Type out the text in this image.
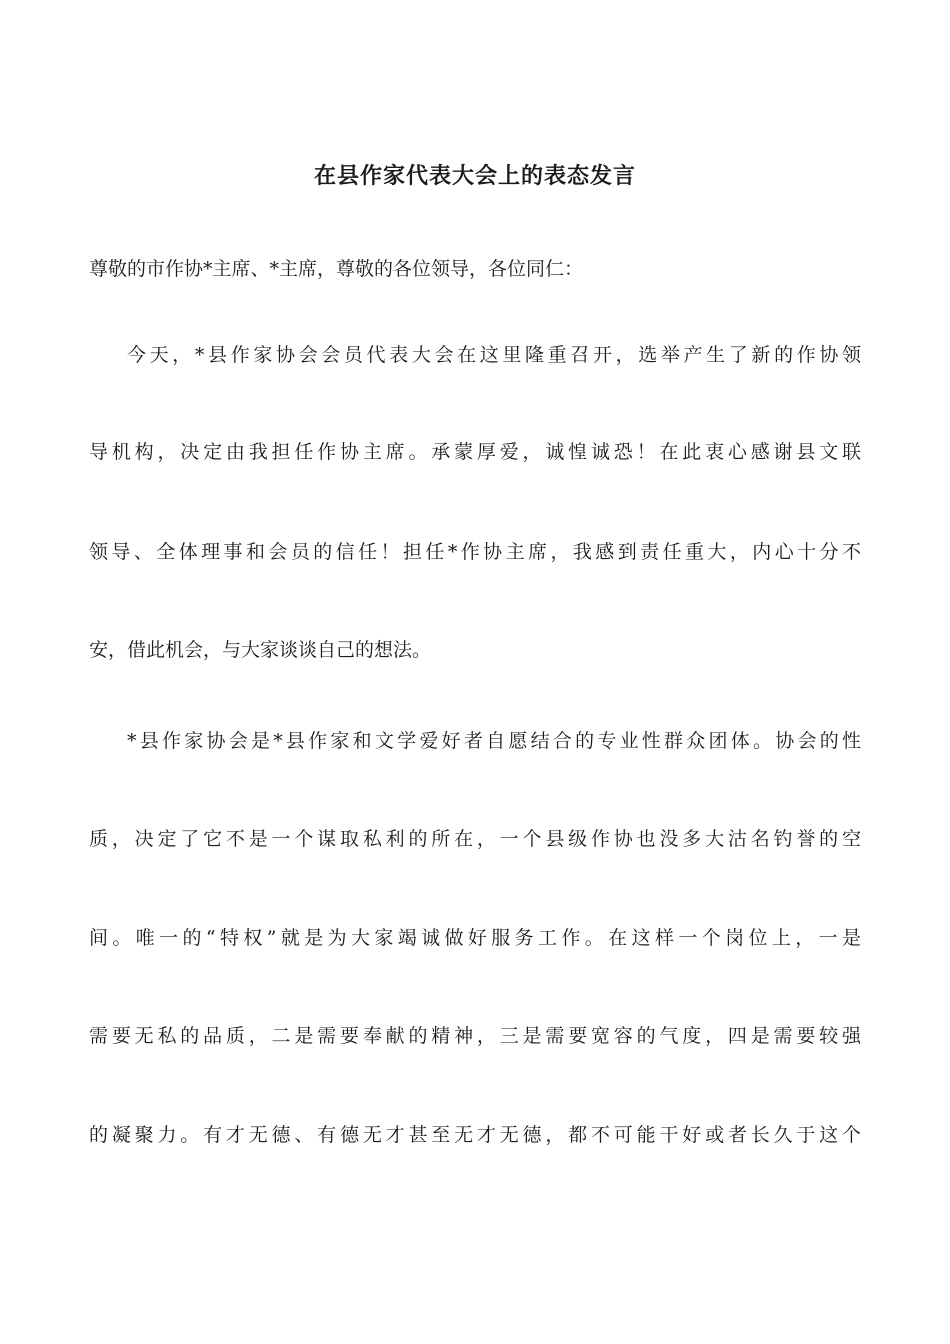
在县作家代表大会上的表态发言

尊敬的市作协*主席、*主席，尊敬的各位领导，各位同仁：

今天，*县作家协会会员代表大会在这里隆重召开，选举产生了新的作协领

导机构，决定由我担任作协主席。承蒙厚爱，诚惶诚恐！在此衷心感谢县文联

领导、全体理事和会员的信任！担任*作协主席，我感到责任重大，内心十分不

安，借此机会，与大家谈谈自己的想法。

*县作家协会是*县作家和文学爱好者自愿结合的专业性群众团体。协会的性

质，决定了它不是一个谋取私利的所在，一个县级作协也没多大沽名钓誉的空

间。唯一的“特权”就是为大家竭诚做好服务工作。在这样一个岗位上，一是

需要无私的品质，二是需要奉献的精神，三是需要宽容的气度，四是需要较强

的凝聚力。有才无德、有德无才甚至无才无德，都不可能干好或者长久于这个
